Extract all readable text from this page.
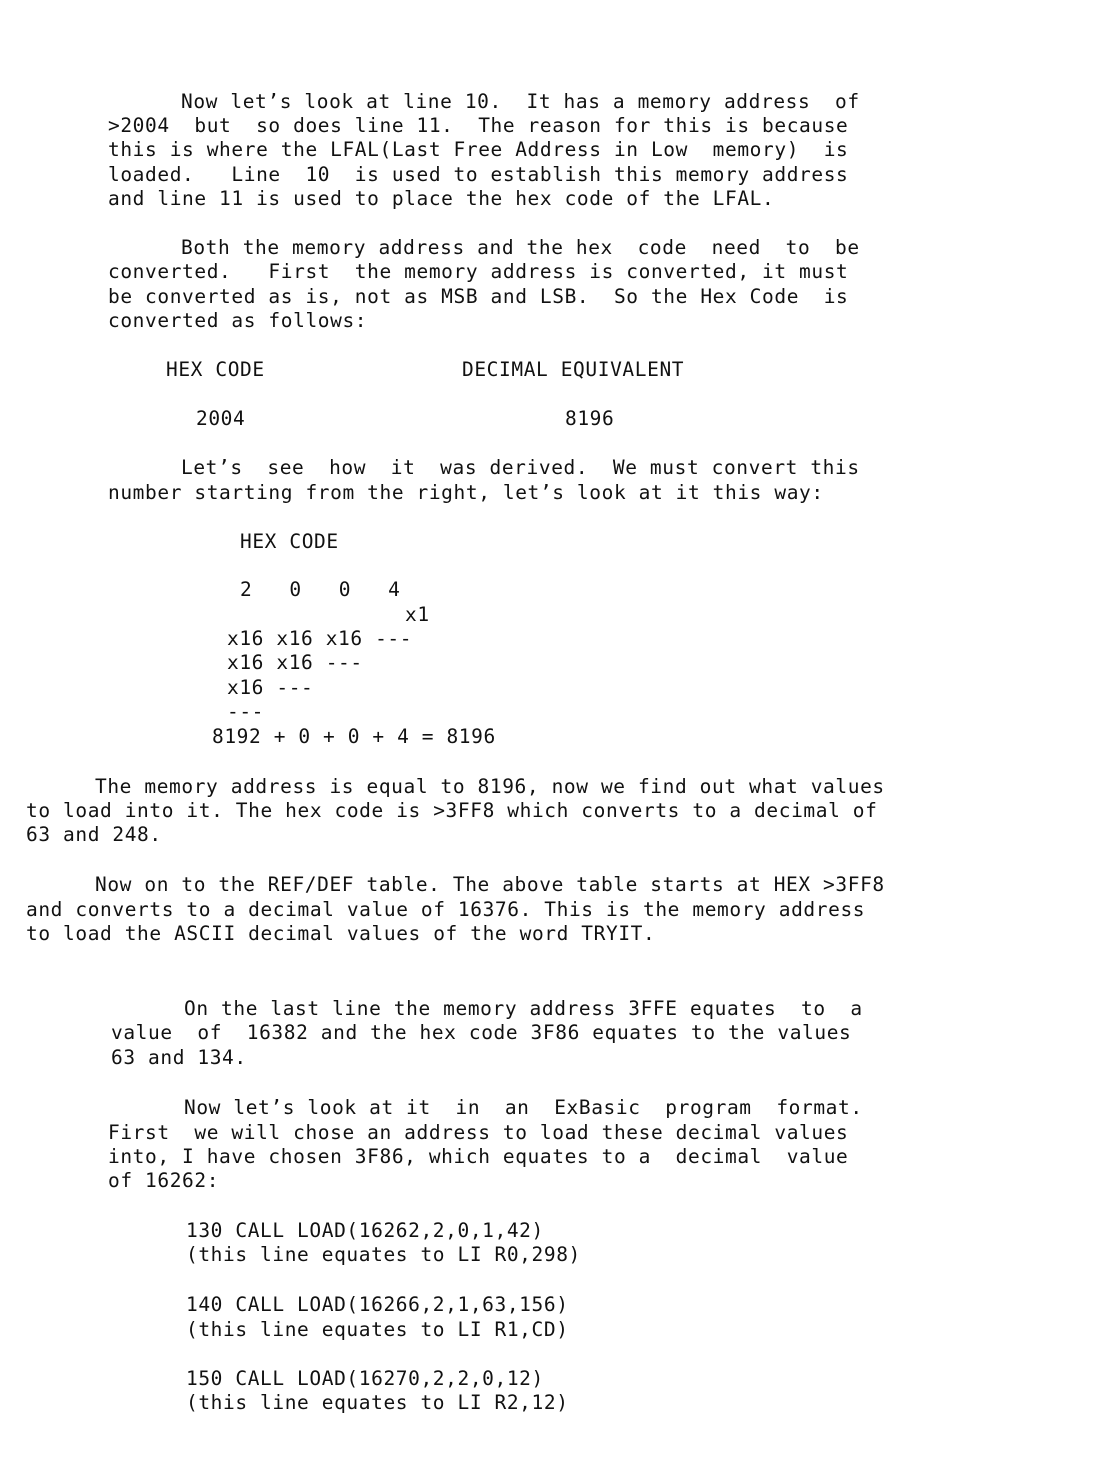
Now let’s look at line 10.  It has a memory address  of

>2004  but  so does line 11.  The reason for this is because

this is where the LFAL(Last Free Address in Low  memory)  is

loaded.   Line  10  is used to establish this memory address

and line 11 is used to place the hex code of the LFAL.

Both the memory address and the hex  code  need  to  be

converted.   First  the memory address is converted, it must

be converted as is, not as MSB and LSB.  So the Hex Code  is

converted as follows:

HEX CODE	DECIMAL EQUIVALENT

2004	8196

Let’s  see  how  it  was derived.  We must convert this

number starting from the right, let’s look at it this way:

HEX CODE

2   0   0   4

x1

x16 x16 x16 ---

x16 x16 ---

x16 ---

---

8192 + 0 + 0 + 4 = 8196

The memory address is equal to 8196, now we find out what values

to load into it. The hex code is >3FF8 which converts to a decimal of

63 and 248.

Now on to the REF/DEF table. The above table starts at HEX >3FF8

and converts to a decimal value of 16376. This is the memory address

to load the ASCII decimal values of the word TRYIT.

On the last line the memory address 3FFE equates  to  a

value  of  16382 and the hex code 3F86 equates to the values

63 and 134.

Now let’s look at it  in  an  ExBasic  program  format.

First  we will chose an address to load these decimal values

into, I have chosen 3F86, which equates to a  decimal  value

of 16262:

130 CALL LOAD(16262,2,0,1,42)

(this line equates to LI R0,298)

140 CALL LOAD(16266,2,1,63,156)

(this line equates to LI R1,CD)

150 CALL LOAD(16270,2,2,0,12)

(this line equates to LI R2,12)
